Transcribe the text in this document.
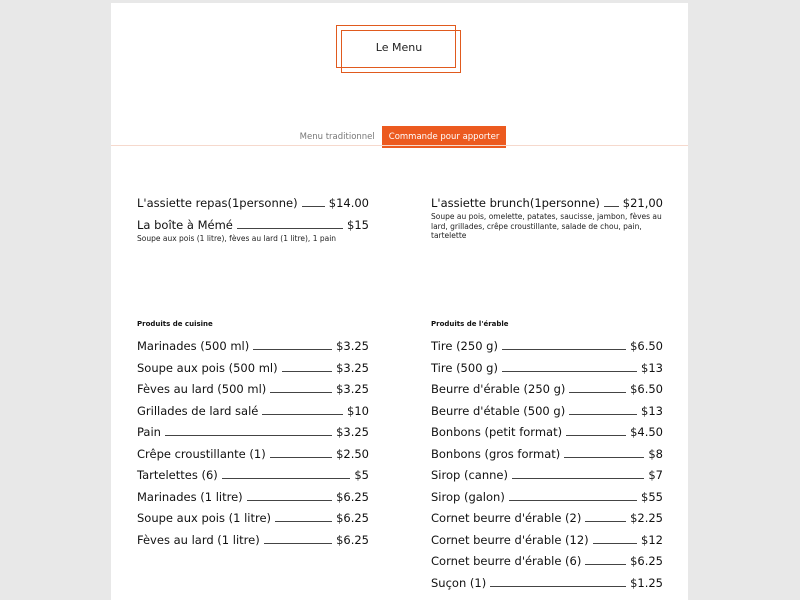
Le Menu
Menu traditionnel	Commande pour apporter
L'assiette repas(1personne)	$14.00
La boîte à Mémé	$15
Soupe aux pois (1 litre), fèves au lard (1 litre), 1 pain
L'assiette brunch(1personne) $21,00
Soupe au pois, omelette, patates, saucisse, jambon, fèves au lard, grillades, crêpe croustillante, salade de chou, pain, tartelette
Produits de cuisine
Marinades (500 ml)	$3.25
Soupe aux pois (500 ml)	$3.25
Fèves au lard (500 ml)	$3.25
Grillades de lard salé	$10
Pain	$3.25
Crêpe croustillante (1)	$2.50
Tartelettes (6)	$5
Marinades (1 litre)	$6.25
Soupe aux pois (1 litre)	$6.25
Fèves au lard (1 litre)	$6.25
Produits de l'érable
Tire (250 g)	$6.50
Tire (500 g)	$13
Beurre d'érable (250 g)	$6.50
Beurre d'étable (500 g)	$13
Bonbons (petit format)	$4.50
Bonbons (gros format)	$8
Sirop (canne)	$7
Sirop (galon)	$55
Cornet beurre d'érable (2)	$2.25
Cornet beurre d'érable (12)	$12
Cornet beurre d'érable (6)	$6.25
Suçon (1)	$1.25
